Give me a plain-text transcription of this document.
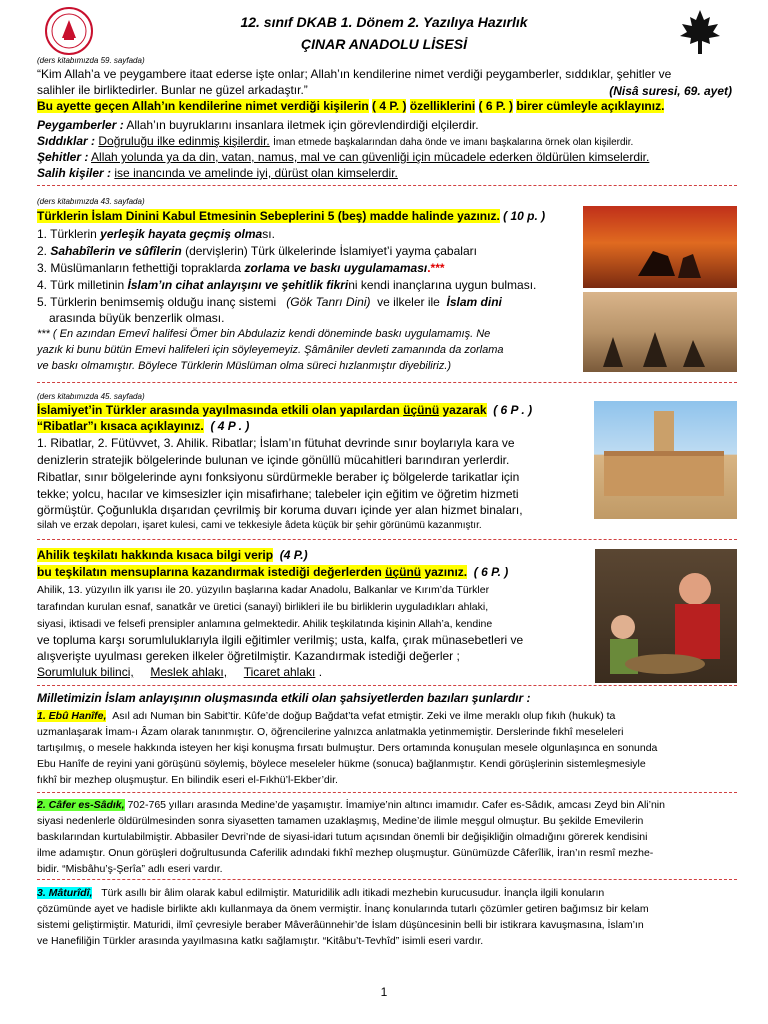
12. sınıf DKAB 1. Dönem 2. Yazılıya Hazırlık
ÇINAR ANADOLU LİSESİ
(ders kitabımızda 59. sayfada)
“Kim Allah’a ve peygambere itaat ederse işte onlar; Allah’ın kendilerine nimet verdiği peygamberler, sıddıklar, şehitler ve
salihler ile birliktedirler. Bunlar ne güzel arkadaştır.”	(Nisâ suresi, 69. ayet)
Bu ayette geçen Allah’ın kendilerine nimet verdiği kişilerin ( 4 P. ) özelliklerini ( 6 P. ) birer cümleyle açıklayınız.
Peygamberler : Allah’ın buyruklarını insanlara iletmek için görevlendirdiği elçilerdir.
Sıddıklar : Doğruluğu ilke edinmiş kişilerdir. İman etmede başkalarından daha önde ve imanı başkalarına örnek olan kişilerdir.
Şehitler : Allah yolunda ya da din, vatan, namus, mal ve can güvenliği için mücadele ederken öldürülen kimselerdir.
Salih kişiler : ise inancında ve amelinde iyi, dürüst olan kimselerdir.
(ders kitabımızda 43. sayfada)
Türklerin İslam Dinini Kabul Etmesinin Sebeplerini 5 (beş) madde halinde yazınız. ( 10 p. )
1. Türklerin yerleşik hayata geçmiş olması.
2. Sahabîlerin ve sûfîlerin (dervişlerin) Türk ülkelerinde İslamiyet’i yayma çabaları
3. Müslümanların fethettiği topraklarda zorlama ve baskı uygulamaması.***
4. Türk milletinin İslam’ın cihat anlayışını ve şehitlik fikrini kendi inançlarına uygun bulması.
5. Türklerin benimsemiş olduğu inanç sistemi (Gök Tanrı Dini) ve ilkeler ile İslam dini
arasında büyük benzerlik olması.
*** ( En azından Emevî halifesi Ömer bin Abdulaziz kendi döneminde baskı uygulamamış. Ne
yazık ki bunu bütün Emevi halifeleri için söyleyemeyiz. Şâmâniler devleti zamanında da zorlama
ve baskı olmamıştır. Böylece Türklerin Müslüman olma süreci hızlanmıştır diyebiliriz.)
(ders kitabımızda 45. sayfada)
İslamiyet’in Türkler arasında yayılmasında etkili olan yapılardan üçünü yazarak ( 6 P . )
“Ribatlar”ı kısaca açıklayınız. ( 4 P . )
1. Ribatlar, 2. Fütüvvet, 3. Ahilik. Ribatlar; İslam’ın fütuhat devrinde sınır boylarıyla kara ve
denizlerin stratejik bölgelerinde bulunan ve içinde gönüllü mücahitleri barındıran yerlerdir.
Ribatlar, sınır bölgelerinde aynı fonksiyonu sürdürmekle beraber iç bölgelerde tarikatlar için
tekke; yolcu, hacılar ve kimsesizler için misafirhane; talebeler için eğitim ve öğretim hizmeti
görmüştür. Çoğunlukla dışarıdan çevrilmiş bir koruma duvarı içinde yer alan hizmet binaları,
silah ve erzak depoları, işaret kulesi, cami ve tekkesiyle âdeta küçük bir şehir görünümü kazanmıştır.
Ahilik teşkilatı hakkında kısaca bilgi verip (4 P.)
bu teşkilatın mensuplarına kazandırmak istediği değerlerden üçünü yazınız. ( 6 P. )
Ahilik, 13. yüzyılın ilk yarısı ile 20. yüzyılın başlarına kadar Anadolu, Balkanlar ve Kırım’da Türkler
tarafından kurulan esnaf, sanatkâr ve üretici (sanayi) birlikleri ile bu birliklerin uyguladıkları ahlaki,
siyasi, iktisadi ve felsefi prensipler anlamına gelmektedir. Ahilik teşkilatında kişinin Allah’a, kendine
ve topluma karşı sorumluluklarıyla ilgili eğitimler verilmiş; usta, kalfa, çırak münasebetleri ve
alışverişte uyulması gereken ilkeler öğretilmiştir. Kazandırmak istediği değerler ;
Sorumluluk bilinci, Meslek ahlakı, Ticaret ahlakı .
Milletimizin İslam anlayışının oluşmasında etkili olan şahsiyetlerden bazıları şunlardır :
1. Ebû Hanîfe, Asıl adı Numan bin Sabit’tir. Kûfe’de doğup Bağdat’ta vefat etmiştir. Zeki ve ilme meraklı olup fıkıh (hukuk) ta
uzmanlaşarak İmam-ı Âzam olarak tanınmıştır. O, öğrencilerine yalnızca anlatmakla yetinmemiştir. Derslerinde fıkhî meseleleri
tartışılmış, o mesele hakkında isteyen her kişi konuşma fırsatı bulmuştur. Ders ortamında konuşulan mesele olgunlaşınca en sonunda
Ebu Hanîfe de reyini yani görüşünü söylemiş, böylece meseleler hükme (sonuca) bağlanmıştır. Kendi görüşlerinin sistemleşmesiyle
fıkhî bir mezhep oluşmuştur. En bilindik eseri el-Fıkhü’l-Ekber’dir.
2. Câfer es-Sâdık, 702-765 yılları arasında Medine’de yaşamıştır. İmamiye’nin altıncı imamıdır. Cafer es-Sâdık, amcası Zeyd bin Ali’nin
siyasi nedenlerle öldürülmesinden sonra siyasetten tamamen uzaklaşmış, Medine’de ilimle meşgul olmuştur. Bu şekilde Emevilerin
baskılarından kurtulabilmiştir. Abbasiler Devri’nde de siyasi-idari tutum açısından önemli bir değişikliğin olmadığını görerek kendisini
ilme adamıştır. Onun görüşleri doğrultusunda Caferilik adındaki fıkhî mezhep oluşmuştur. Günümüzde Câferîlik, İran’ın resmî mezhe-
bidir. “Misbâhu’ş-Şerîa” adlı eseri vardır.
3. Mâturîdî, Türk asıllı bir âlim olarak kabul edilmiştir. Maturidilik adlı itikadi mezhebin kurucusudur. İnançla ilgili konuların
çözümünde ayet ve hadisle birlikte aklı kullanmaya da önem vermiştir. İnanç konularında tutarlı çözümler getiren bağımsız bir kelam
sistemi geliştirmiştir. Maturidi, ilmî çevresiyle beraber Mâverâünnehir’de İslam düşüncesinin belli bir istikrara kavuşmasına, İslam’ın
ve Hanefiliğin Türkler arasında yayılmasına katkı sağlamıştır. “Kitâbu’t-Tevhîd” isimli eseri vardır.
1
